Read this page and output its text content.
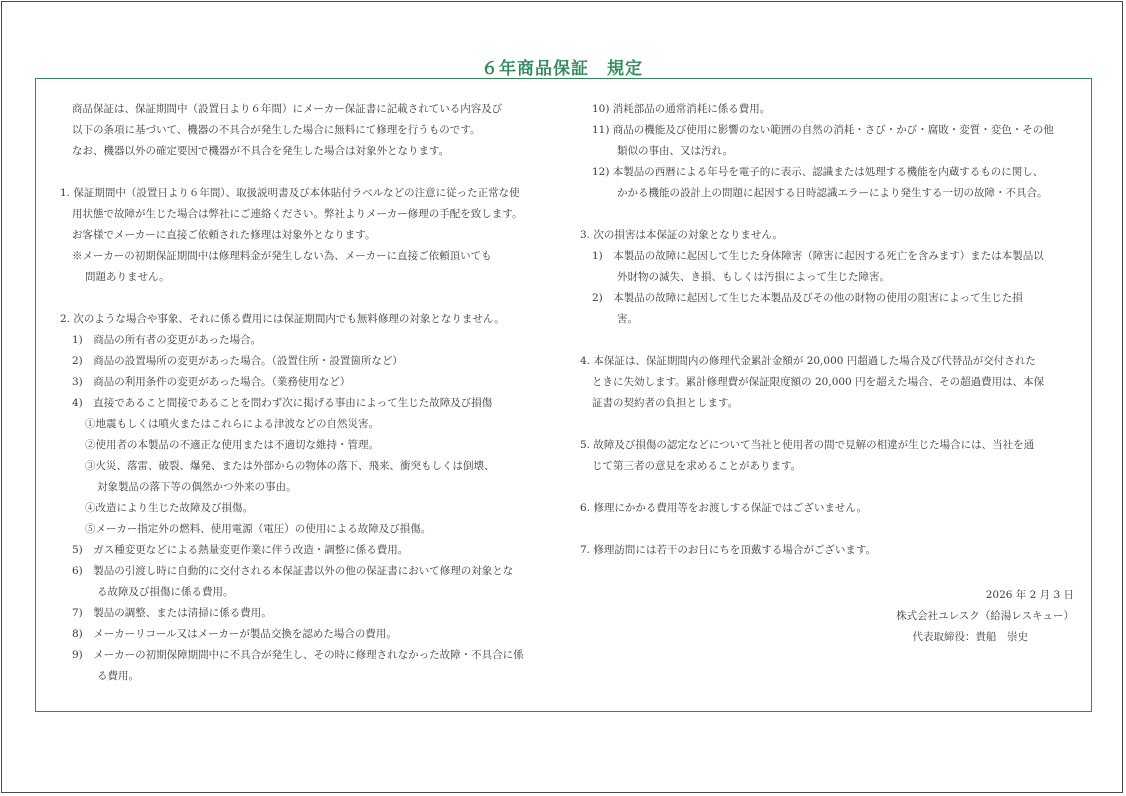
６年商品保証　規定
商品保証は、保証期間中（設置日より６年間）にメーカー保証書に記載されている内容及び
以下の条項に基づいて、機器の不具合が発生した場合に無料にて修理を行うものです。
なお、機器以外の確定要因で機器が不具合を発生した場合は対象外となります。
1. 保証期間中（設置日より６年間）、取扱説明書及び本体貼付ラベルなどの注意に従った正常な使
用状態で故障が生じた場合は弊社にご連絡ください。弊社よりメーカー修理の手配を致します。
お客様でメーカーに直接ご依頼された修理は対象外となります。
※メーカーの初期保証期間中は修理料金が発生しない為、メーカーに直接ご依頼頂いても
問題ありません。
2. 次のような場合や事象、それに係る費用には保証期間内でも無料修理の対象となりません。
1)　商品の所有者の変更があった場合。
2)　商品の設置場所の変更があった場合。（設置住所・設置箇所など）
3)　商品の利用条件の変更があった場合。（業務使用など）
4)　直接であること間接であることを問わず次に掲げる事由によって生じた故障及び損傷
①地震もしくは噴火またはこれらによる津波などの自然災害。
②使用者の本製品の不適正な使用または不適切な維持・管理。
③火災、落雷、破裂、爆発、または外部からの物体の落下、飛来、衝突もしくは倒壊、
対象製品の落下等の偶然かつ外来の事由。
④改造により生じた故障及び損傷。
⑤メーカー指定外の燃料、使用電源（電圧）の使用による故障及び損傷。
5)　ガス種変更などによる熱量変更作業に伴う改造・調整に係る費用。
6)　製品の引渡し時に自動的に交付される本保証書以外の他の保証書において修理の対象とな
る故障及び損傷に係る費用。
7)　製品の調整、または清掃に係る費用。
8)　メーカーリコール又はメーカーが製品交換を認めた場合の費用。
9)　メーカーの初期保障期間中に不具合が発生し、その時に修理されなかった故障・不具合に係
る費用。
10) 消耗部品の通常消耗に係る費用。
11) 商品の機能及び使用に影響のない範囲の自然の消耗・さび・かび・腐敗・変質・変色・その他
類似の事由、又は汚れ。
12) 本製品の西暦による年号を電子的に表示、認識または処理する機能を内蔵するものに関し、
かかる機能の設計上の問題に起因する日時認識エラーにより発生する一切の故障・不具合。
3. 次の損害は本保証の対象となりません。
1)　本製品の故障に起因して生じた身体障害（障害に起因する死亡を含みます）または本製品以
外財物の滅失、き損、もしくは汚損によって生じた障害。
2)　本製品の故障に起因して生じた本製品及びその他の財物の使用の阻害によって生じた損
害。
4. 本保証は、保証期間内の修理代金累計金額が 20,000 円超過した場合及び代替品が交付された
ときに失効します。累計修理費が保証限度額の 20,000 円を超えた場合、その超過費用は、本保
証書の契約者の負担とします。
5. 故障及び損傷の認定などについて当社と使用者の間で見解の相違が生じた場合には、当社を通
じて第三者の意見を求めることがあります。
6. 修理にかかる費用等をお渡しする保証ではございません。
7. 修理訪問には若干のお日にちを頂戴する場合がございます。
2026 年 2 月 3 日
株式会社ユレスク（給湯レスキュー）
代表取締役：貴船　崇史
